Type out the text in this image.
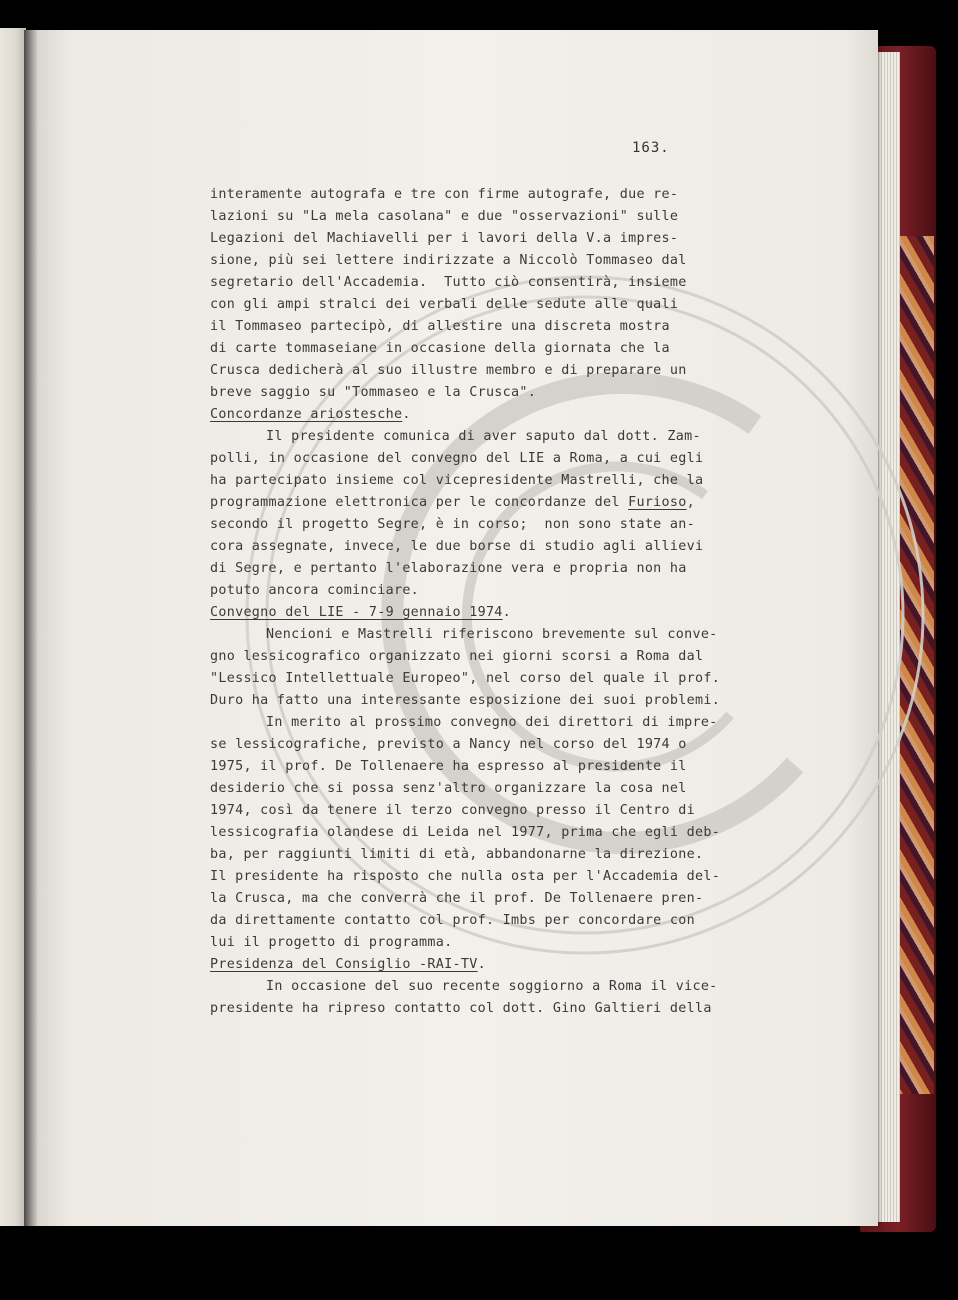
163.
interamente autografa e tre con firme autografe, due re-
lazioni su "La mela casolana" e due "osservazioni" sulle
Legazioni del Machiavelli per i lavori della V.a impres-
sione, più sei lettere indirizzate a Niccolò Tommaseo dal
segretario dell'Accademia.  Tutto ciò consentirà, insieme
con gli ampi stralci dei verbali delle sedute alle quali
il Tommaseo partecipò, di allestire una discreta mostra
di carte tommaseiane in occasione della giornata che la
Crusca dedicherà al suo illustre membro e di preparare un
breve saggio su "Tommaseo e la Crusca".
Concordanze ariostesche.
Il presidente comunica di aver saputo dal dott. Zam-
polli, in occasione del convegno del LIE a Roma, a cui egli
ha partecipato insieme col vicepresidente Mastrelli, che la
programmazione elettronica per le concordanze del Furioso,
secondo il progetto Segre, è in corso;  non sono state an-
cora assegnate, invece, le due borse di studio agli allievi
di Segre, e pertanto l'elaborazione vera e propria non ha
potuto ancora cominciare.
Convegno del LIE - 7-9 gennaio 1974.
Nencioni e Mastrelli riferiscono brevemente sul conve-
gno lessicografico organizzato nei giorni scorsi a Roma dal
"Lessico Intellettuale Europeo", nel corso del quale il prof.
Duro ha fatto una interessante esposizione dei suoi problemi.
In merito al prossimo convegno dei direttori di impre-
se lessicografiche, previsto a Nancy nel corso del 1974 o
1975, il prof. De Tollenaere ha espresso al presidente il
desiderio che si possa senz'altro organizzare la cosa nel
1974, così da tenere il terzo convegno presso il Centro di
lessicografia olandese di Leida nel 1977, prima che egli deb-
ba, per raggiunti limiti di età, abbandonarne la direzione.
Il presidente ha risposto che nulla osta per l'Accademia del-
la Crusca, ma che converrà che il prof. De Tollenaere pren-
da direttamente contatto col prof. Imbs per concordare con
lui il progetto di programma.
Presidenza del Consiglio -RAI-TV.
In occasione del suo recente soggiorno a Roma il vice-
presidente ha ripreso contatto col dott. Gino Galtieri della
